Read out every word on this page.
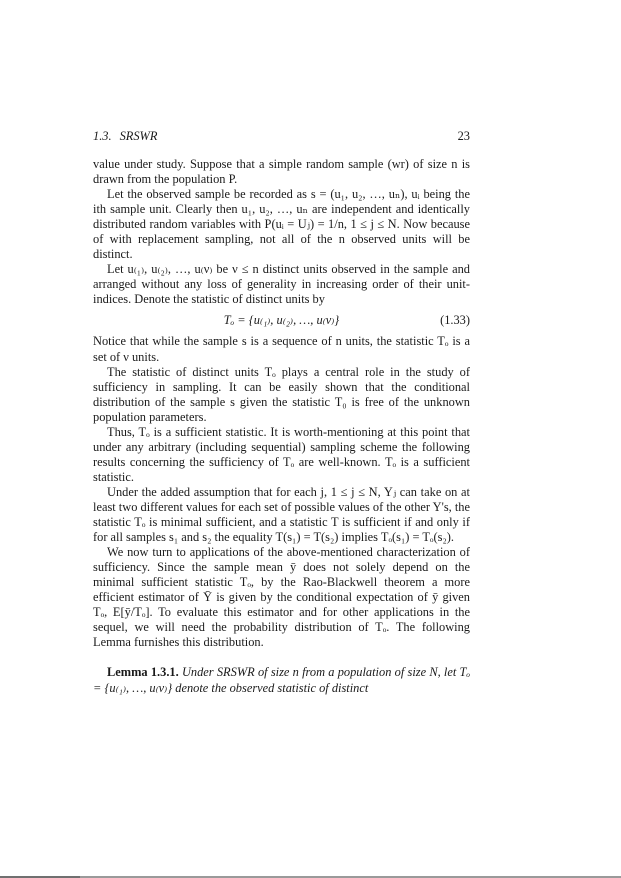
1.3. SRSWR	23

value under study. Suppose that a simple random sample (wr) of size n is drawn from the population P.

Let the observed sample be recorded as s = (u₁, u₂, …, uₙ), uᵢ being the ith sample unit. Clearly then u₁, u₂, …, uₙ are independent and identically distributed random variables with P(uᵢ = Uⱼ) = 1/n, 1 ≤ j ≤ N. Now because of with replacement sampling, not all of the n observed units will be distinct.

Let u₍₁₎, u₍₂₎, …, u₍ν₎ be ν ≤ n distinct units observed in the sample and arranged without any loss of generality in increasing order of their unit-indices. Denote the statistic of distinct units by

Tₒ = {u₍₁₎, u₍₂₎, …, u₍ν₎}	(1.33)

Notice that while the sample s is a sequence of n units, the statistic Tₒ is a set of ν units.

The statistic of distinct units Tₒ plays a central role in the study of sufficiency in sampling. It can be easily shown that the conditional distribution of the sample s given the statistic T₀ is free of the unknown population parameters.

Thus, Tₒ is a sufficient statistic. It is worth-mentioning at this point that under any arbitrary (including sequential) sampling scheme the following results concerning the sufficiency of Tₒ are well-known. Tₒ is a sufficient statistic.

Under the added assumption that for each j, 1 ≤ j ≤ N, Yⱼ can take on at least two different values for each set of possible values of the other Y's, the statistic Tₒ is minimal sufficient, and a statistic T is sufficient if and only if for all samples s₁ and s₂ the equality T(s₁) = T(s₂) implies Tₒ(s₁) = Tₒ(s₂).

We now turn to applications of the above-mentioned characterization of sufficiency. Since the sample mean ȳ does not solely depend on the minimal sufficient statistic Tₒ, by the Rao-Blackwell theorem a more efficient estimator of Ȳ is given by the conditional expectation of ȳ given Tₒ, E[ȳ/Tₒ]. To evaluate this estimator and for other applications in the sequel, we will need the probability distribution of Tₒ. The following Lemma furnishes this distribution.

Lemma 1.3.1. Under SRSWR of size n from a population of size N, let Tₒ = {u₍₁₎, …, u₍ν₎} denote the observed statistic of distinct
